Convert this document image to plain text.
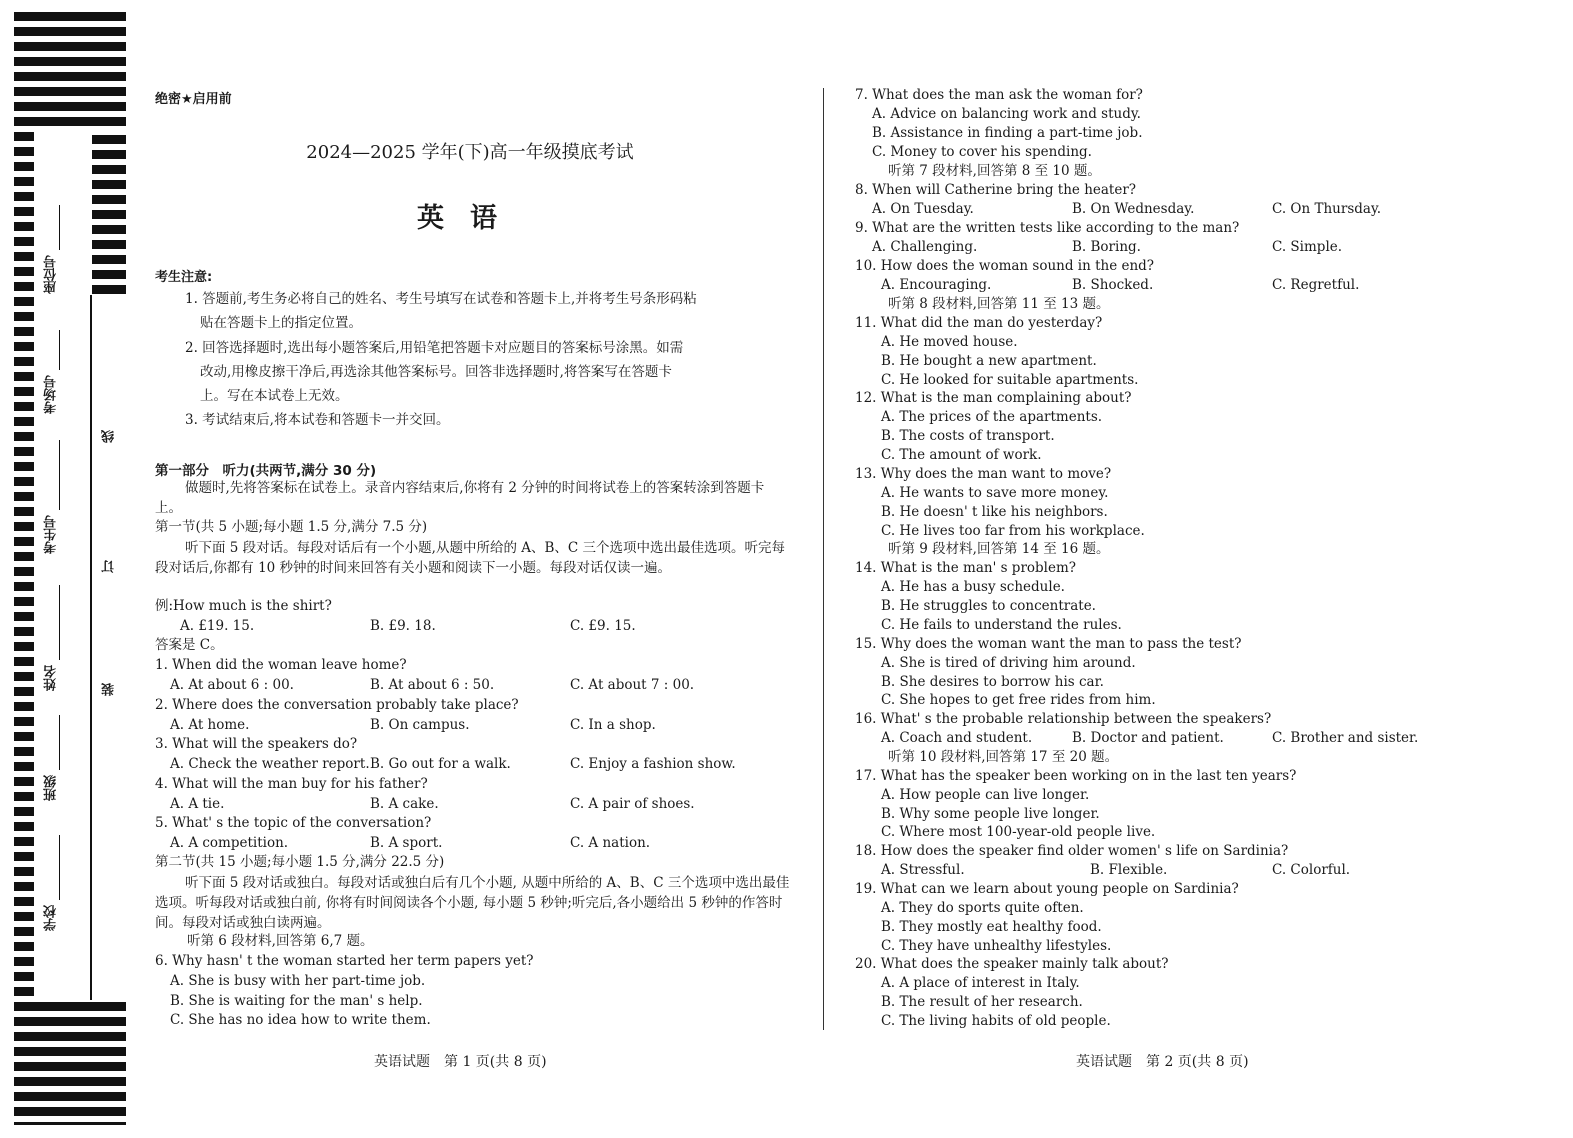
座位号
考场号
考生号
姓名
班级
学校
线
订
装
绝密★启用前
2024—2025 学年(下)高一年级摸底考试
英语
考生注意:
1. 答题前,考生务必将自己的姓名、考生号填写在试卷和答题卡上,并将考生号条形码粘
贴在答题卡上的指定位置。
2. 回答选择题时,选出每小题答案后,用铅笔把答题卡对应题目的答案标号涂黑。如需
改动,用橡皮擦干净后,再选涂其他答案标号。回答非选择题时,将答案写在答题卡
上。写在本试卷上无效。
3. 考试结束后,将本试卷和答题卡一并交回。
第一部分　听力(共两节,满分 30 分)
做题时,先将答案标在试卷上。录音内容结束后,你将有 2 分钟的时间将试卷上的答案转涂到答题卡上。
第一节(共 5 小题;每小题 1.5 分,满分 7.5 分)
听下面 5 段对话。每段对话后有一个小题,从题中所给的 A、B、C 三个选项中选出最佳选项。听完每段对话后,你都有 10 秒钟的时间来回答有关小题和阅读下一小题。每段对话仅读一遍。
例:How much is the shirt?
A. £19. 15.	B. £9. 18.	C. £9. 15.
答案是 C。
1. When did the woman leave home?
A. At about 6 : 00.	B. At about 6 : 50.	C. At about 7 : 00.
2. Where does the conversation probably take place?
A. At home.	B. On campus.	C. In a shop.
3. What will the speakers do?
A. Check the weather report. B. Go out for a walk.	C. Enjoy a fashion show.
4. What will the man buy for his father?
A. A tie.	B. A cake.	C. A pair of shoes.
5. What' s the topic of the conversation?
A. A competition.	B. A sport.	C. A nation.
第二节(共 15 小题;每小题 1.5 分,满分 22.5 分)
听下面 5 段对话或独白。每段对话或独白后有几个小题, 从题中所给的 A、B、C 三个选项中选出最佳选项。听每段对话或独白前, 你将有时间阅读各个小题, 每小题 5 秒钟;听完后,各小题给出 5 秒钟的作答时间。每段对话或独白读两遍。
听第 6 段材料,回答第 6,7 题。
6. Why hasn' t the woman started her term papers yet?
A. She is busy with her part-time job.
B. She is waiting for the man' s help.
C. She has no idea how to write them.
7. What does the man ask the woman for?
A. Advice on balancing work and study.
B. Assistance in finding a part-time job.
C. Money to cover his spending.
听第 7 段材料,回答第 8 至 10 题。
8. When will Catherine bring the heater?
A. On Tuesday.	B. On Wednesday.	C. On Thursday.
9. What are the written tests like according to the man?
A. Challenging.	B. Boring.	C. Simple.
10. How does the woman sound in the end?
A. Encouraging.	B. Shocked.	C. Regretful.
听第 8 段材料,回答第 11 至 13 题。
11. What did the man do yesterday?
A. He moved house.
B. He bought a new apartment.
C. He looked for suitable apartments.
12. What is the man complaining about?
A. The prices of the apartments.
B. The costs of transport.
C. The amount of work.
13. Why does the man want to move?
A. He wants to save more money.
B. He doesn' t like his neighbors.
C. He lives too far from his workplace.
听第 9 段材料,回答第 14 至 16 题。
14. What is the man' s problem?
A. He has a busy schedule.
B. He struggles to concentrate.
C. He fails to understand the rules.
15. Why does the woman want the man to pass the test?
A. She is tired of driving him around.
B. She desires to borrow his car.
C. She hopes to get free rides from him.
16. What' s the probable relationship between the speakers?
A. Coach and student.	B. Doctor and patient.	C. Brother and sister.
听第 10 段材料,回答第 17 至 20 题。
17. What has the speaker been working on in the last ten years?
A. How people can live longer.
B. Why some people live longer.
C. Where most 100-year-old people live.
18. How does the speaker find older women' s life on Sardinia?
A. Stressful.	B. Flexible.	C. Colorful.
19. What can we learn about young people on Sardinia?
A. They do sports quite often.
B. They mostly eat healthy food.
C. They have unhealthy lifestyles.
20. What does the speaker mainly talk about?
A. A place of interest in Italy.
B. The result of her research.
C. The living habits of old people.
英语试题　第 1 页(共 8 页)	英语试题　第 2 页(共 8 页)
